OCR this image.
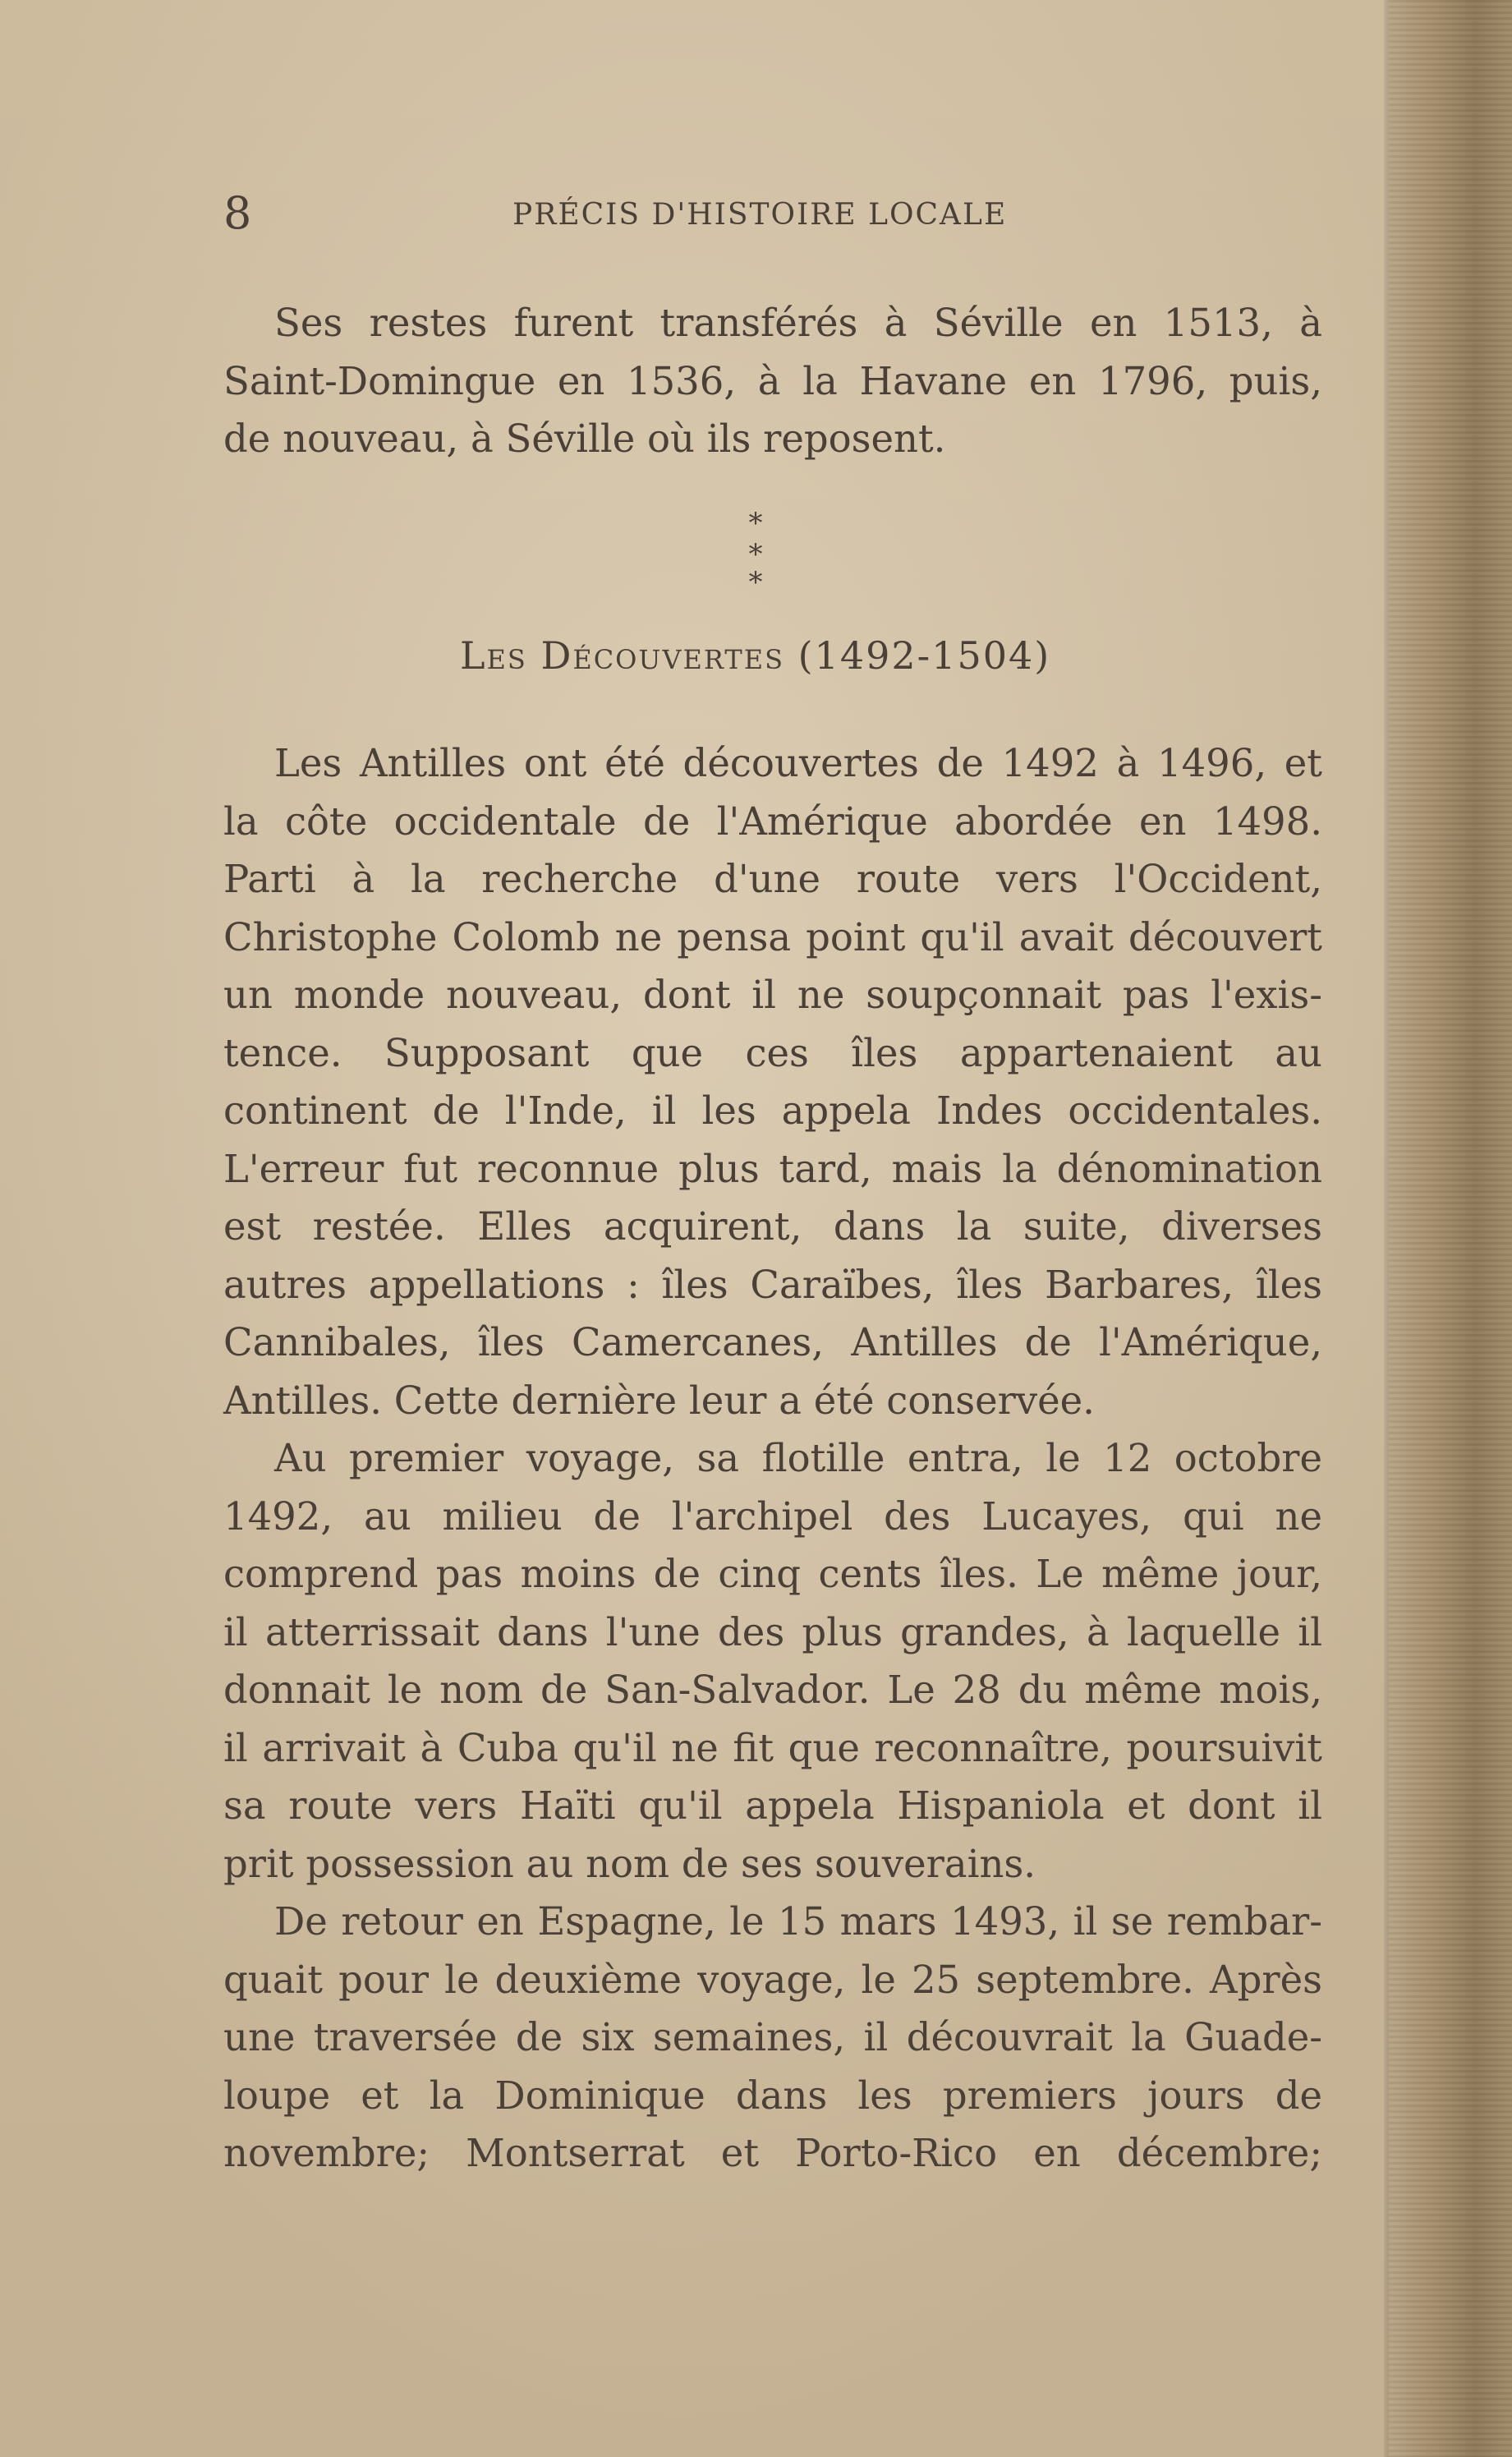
8	PRÉCIS D'HISTOIRE LOCALE

Ses restes furent transférés à Séville en 1513, à

Saint-Domingue en 1536, à la Havane en 1796, puis,

de nouveau, à Séville où ils reposent.

*
* *
Les Découvertes (1492-1504)

Les Antilles ont été découvertes de 1492 à 1496, et

la côte occidentale de l'Amérique abordée en 1498.

Parti à la recherche d'une route vers l'Occident,

Christophe Colomb ne pensa point qu'il avait découvert

un monde nouveau, dont il ne soupçonnait pas l'exis-

tence. Supposant que ces îles appartenaient au

continent de l'Inde, il les appela Indes occidentales.

L'erreur fut reconnue plus tard, mais la dénomination

est restée. Elles acquirent, dans la suite, diverses

autres appellations : îles Caraïbes, îles Barbares, îles

Cannibales, îles Camercanes, Antilles de l'Amérique,

Antilles. Cette dernière leur a été conservée.

Au premier voyage, sa flotille entra, le 12 octobre

1492, au milieu de l'archipel des Lucayes, qui ne

comprend pas moins de cinq cents îles. Le même jour,

il atterrissait dans l'une des plus grandes, à laquelle il

donnait le nom de San-Salvador. Le 28 du même mois,

il arrivait à Cuba qu'il ne fit que reconnaître, poursuivit

sa route vers Haïti qu'il appela Hispaniola et dont il

prit possession au nom de ses souverains.

De retour en Espagne, le 15 mars 1493, il se rembar-

quait pour le deuxième voyage, le 25 septembre. Après

une traversée de six semaines, il découvrait la Guade-

loupe et la Dominique dans les premiers jours de

novembre; Montserrat et Porto-Rico en décembre;
